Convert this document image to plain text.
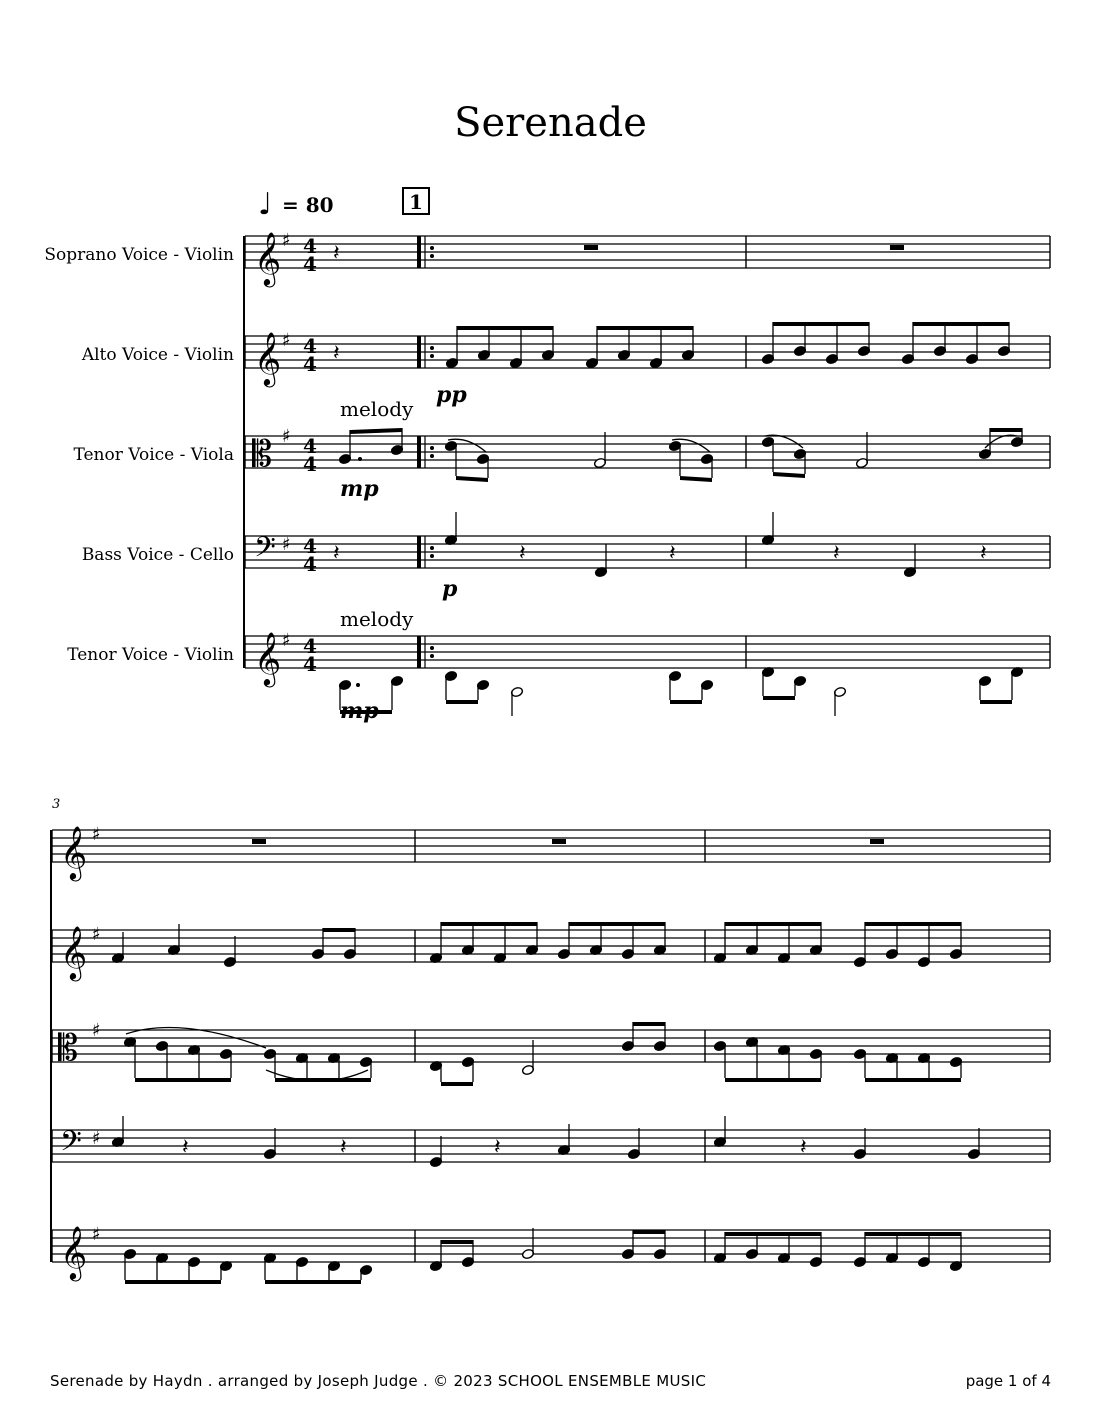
Serenade
𝄞 ♯
𝄞 ♯
𝄞 ♯
𝄡 ♯
𝄢 ♯
𝄽
𝄽
𝄽	𝄽	𝄽	𝄽	𝄽
𝄞 ♯
𝄞 ♯
𝄞 ♯
𝄡 ♯
𝄢 ♯	𝄽	𝄽	𝄽	𝄽
♩ = 80	1
Soprano Voice - Violin
Alto Voice - Violin
Tenor Voice - Viola
Bass Voice - Cello
Tenor Voice - Violin
4
4
4
4
4
4
4
4
4
4
melody
melody
pp
mp
p
mp
3
Serenade by Haydn . arranged by Joseph Judge . © 2023 SCHOOL ENSEMBLE MUSIC	page 1 of 4
